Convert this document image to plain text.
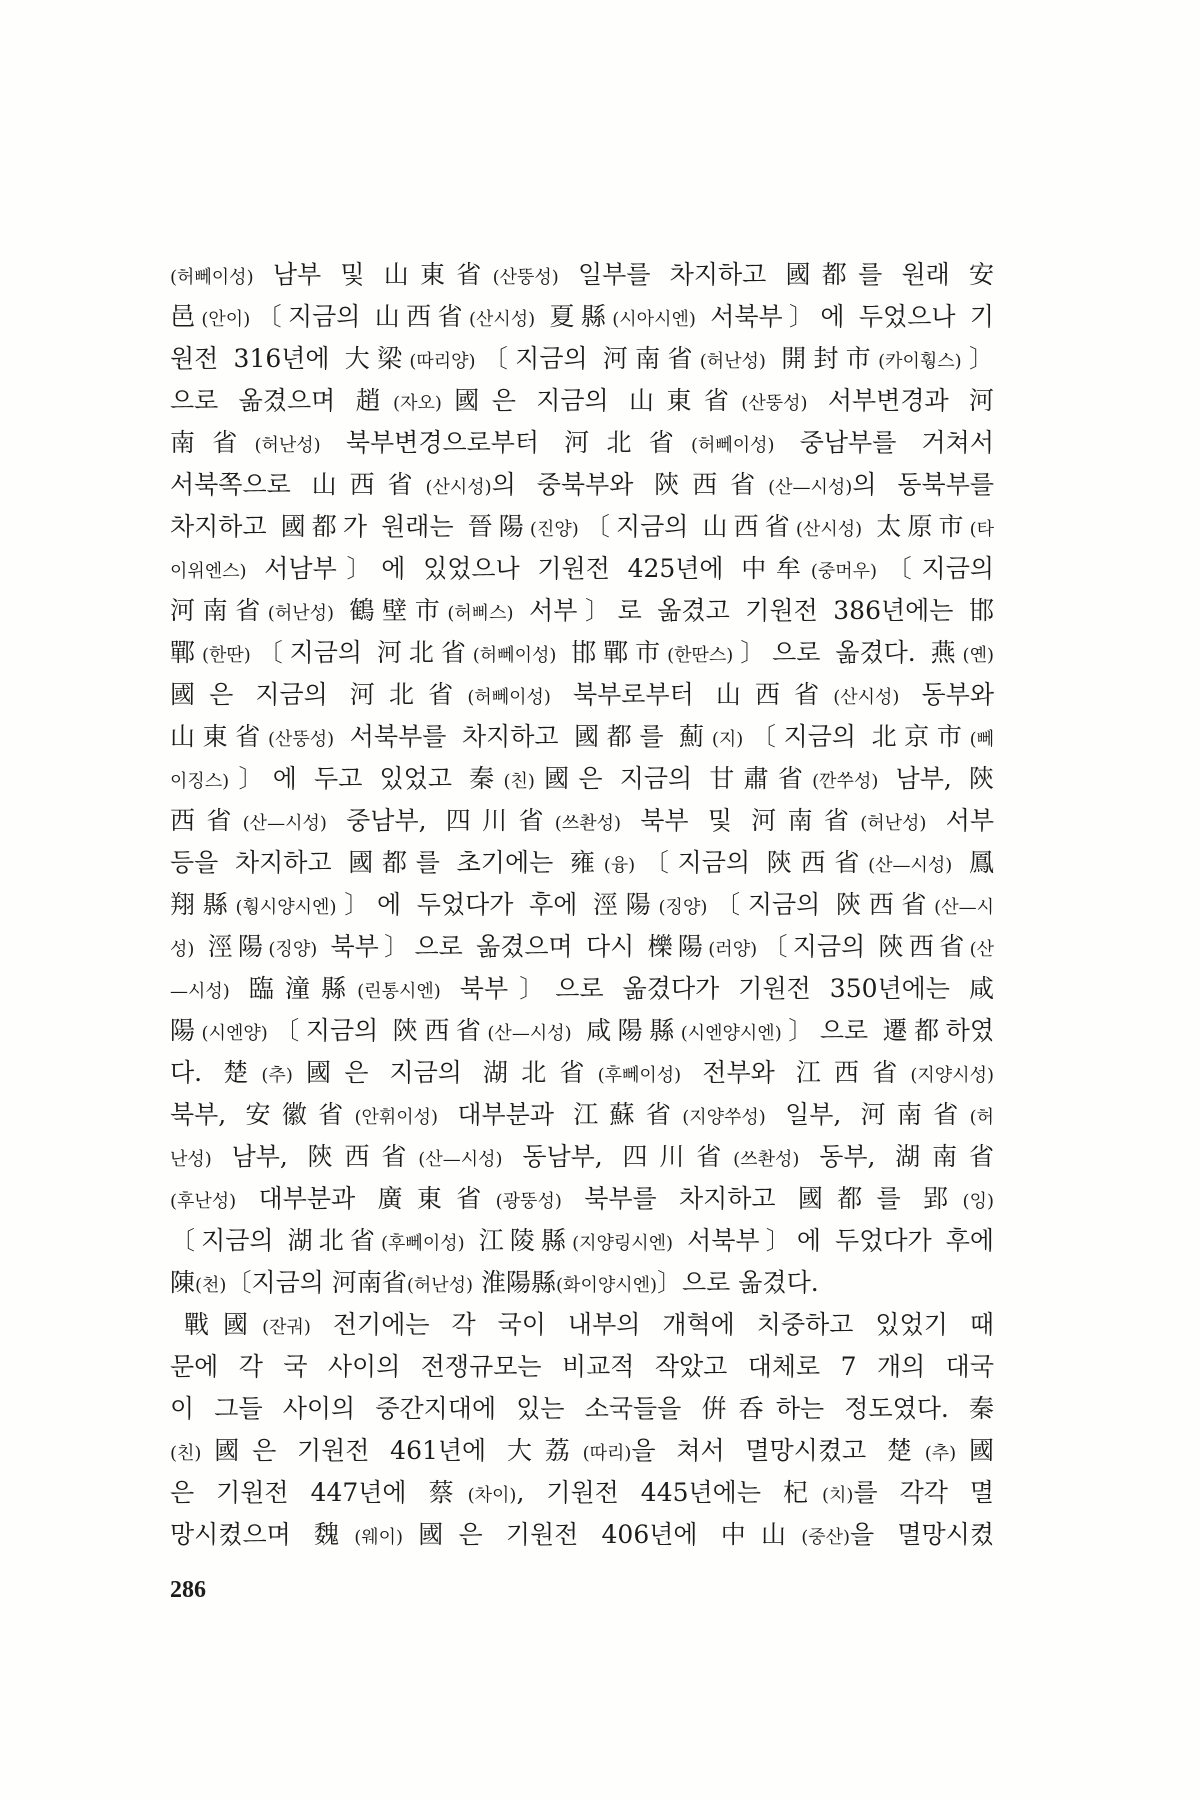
(허뻬이성) 남부 및 山東省(산뚱성) 일부를 차지하고 國都를 원래 安
邑(안이)〔지금의 山西省(산시성) 夏縣(시아시엔) 서북부〕에 두었으나 기
원전 316년에 大梁(따리양)〔지금의 河南省(허난성) 開封市(카이훵스)〕
으로 옮겼으며 趙(자오)國은 지금의 山東省(산뚱성) 서부변경과 河
南省(허난성) 북부변경으로부터 河北省(허뻬이성) 중남부를 거쳐서
서북쪽으로 山西省(산시성)의 중북부와 陝西省(산—시성)의 동북부를
차지하고 國都가 원래는 晉陽(진양)〔지금의 山西省(산시성) 太原市(타
이위엔스) 서남부〕에 있었으나 기원전 425년에 中牟(중머우)〔지금의
河南省(허난성) 鶴壁市(허삐스) 서부〕로 옮겼고 기원전 386년에는 邯
鄲(한딴)〔지금의 河北省(허뻬이성) 邯鄲市(한딴스)〕으로 옮겼다. 燕(옌)
國은 지금의 河北省(허뻬이성) 북부로부터 山西省(산시성) 동부와
山東省(산뚱성) 서북부를 차지하고 國都를 薊(지)〔지금의 北京市(뻬
이징스)〕에 두고 있었고 秦(친)國은 지금의 甘肅省(깐쑤성) 남부, 陝
西省(산—시성) 중남부, 四川省(쓰촨성) 북부 및 河南省(허난성) 서부
등을 차지하고 國都를 초기에는 雍(융)〔지금의 陝西省(산—시성) 鳳
翔縣(훵시양시엔)〕에 두었다가 후에 涇陽(징양)〔지금의 陝西省(산—시
성) 涇陽(징양) 북부〕으로 옮겼으며 다시 櫟陽(러양)〔지금의 陝西省(산
—시성) 臨潼縣(린통시엔) 북부〕으로 옮겼다가 기원전 350년에는 咸
陽(시엔양)〔지금의 陝西省(산—시성) 咸陽縣(시엔양시엔)〕으로 遷都하였
다. 楚(추)國은 지금의 湖北省(후뻬이성) 전부와 江西省(지양시성)
북부, 安徽省(안휘이성) 대부분과 江蘇省(지양쑤성) 일부, 河南省(허
난성) 남부, 陝西省(산—시성) 동남부, 四川省(쓰촨성) 동부, 湖南省
(후난성) 대부분과 廣東省(광뚱성) 북부를 차지하고 國都를 郢(잉)
〔지금의 湖北省(후뻬이성) 江陵縣(지양링시엔) 서북부〕에 두었다가 후에
陳(천)〔지금의 河南省(허난성) 淮陽縣(화이양시엔)〕으로 옮겼다.
戰國(잔궈) 전기에는 각 국이 내부의 개혁에 치중하고 있었기 때
문에 각 국 사이의 전쟁규모는 비교적 작았고 대체로 7 개의 대국
이 그들 사이의 중간지대에 있는 소국들을 倂呑하는 정도였다. 秦
(친)國은 기원전 461년에 大荔(따리)을 쳐서 멸망시켰고 楚(추)國
은 기원전 447년에 蔡(차이), 기원전 445년에는 杞(치)를 각각 멸
망시켰으며 魏(웨이)國은 기원전 406년에 中山(중산)을 멸망시켰
286
